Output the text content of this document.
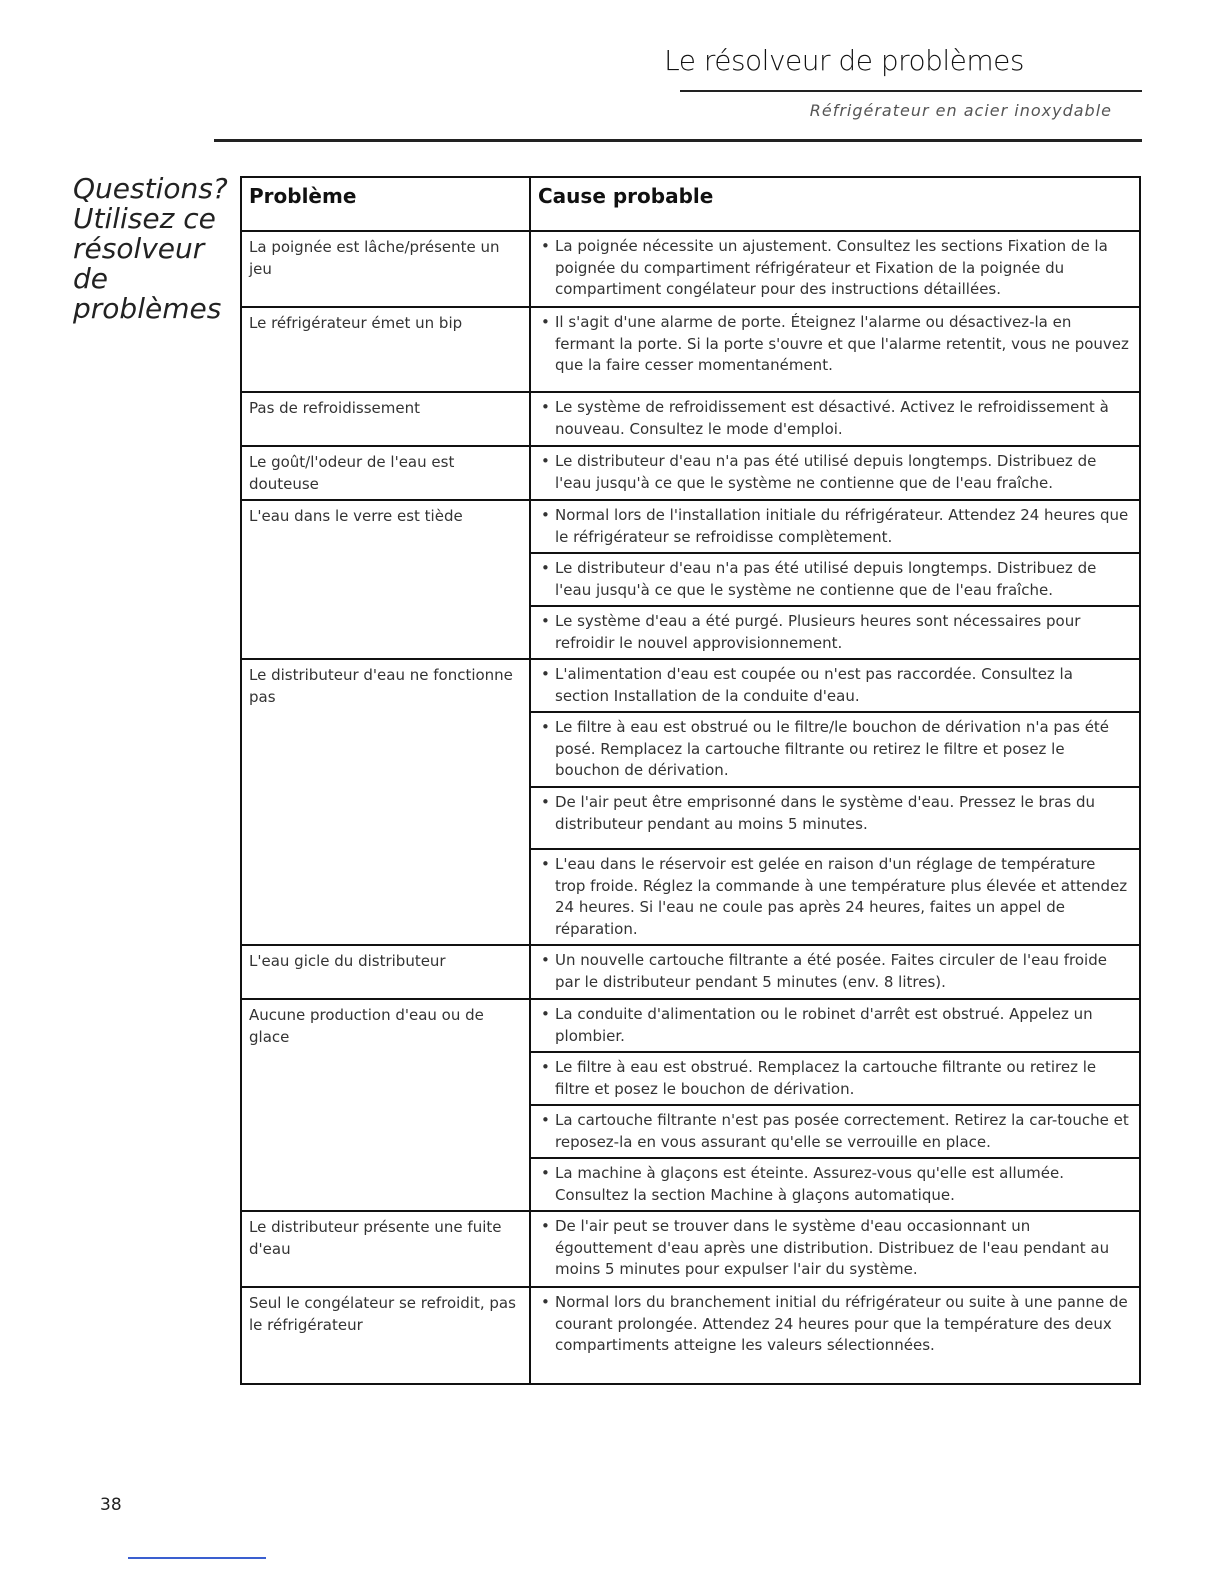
Le résolveur de problèmes
Réfrigérateur en acier inoxydable
Questions?
Utilisez ce
résolveur de
problèmes
Problème	Cause probable
La poignée est lâche/présente un jeu	• La poignée nécessite un ajustement. Consultez les sections Fixation de la poignée du compartiment réfrigérateur et Fixation de la poignée du compartiment congélateur pour des instructions détaillées.
Le réfrigérateur émet un bip	• Il s'agit d'une alarme de porte. Éteignez l'alarme ou désactivez-la en fermant la porte. Si la porte s'ouvre et que l'alarme retentit, vous ne pouvez que la faire cesser momentanément.
Pas de refroidissement	• Le système de refroidissement est désactivé. Activez le refroidissement à nouveau. Consultez le mode d'emploi.
Le goût/l'odeur de l'eau est douteuse	• Le distributeur d'eau n'a pas été utilisé depuis longtemps. Distribuez de l'eau jusqu'à ce que le système ne contienne que de l'eau fraîche.
L'eau dans le verre est tiède	• Normal lors de l'installation initiale du réfrigérateur. Attendez 24 heures que le réfrigérateur se refroidisse complètement.
	• Le distributeur d'eau n'a pas été utilisé depuis longtemps. Distribuez de l'eau jusqu'à ce que le système ne contienne que de l'eau fraîche.
	• Le système d'eau a été purgé. Plusieurs heures sont nécessaires pour refroidir le nouvel approvisionnement.
Le distributeur d'eau ne fonctionne pas	• L'alimentation d'eau est coupée ou n'est pas raccordée. Consultez la section Installation de la conduite d'eau.
	• Le filtre à eau est obstrué ou le filtre/le bouchon de dérivation n'a pas été posé. Remplacez la cartouche filtrante ou retirez le filtre et posez le bouchon de dérivation.
	• De l'air peut être emprisonné dans le système d'eau. Pressez le bras du distributeur pendant au moins 5 minutes.
	• L'eau dans le réservoir est gelée en raison d'un réglage de température trop froide. Réglez la commande à une température plus élevée et attendez 24 heures. Si l'eau ne coule pas après 24 heures, faites un appel de réparation.
L'eau gicle du distributeur	• Un nouvelle cartouche filtrante a été posée. Faites circuler de l'eau froide par le distributeur pendant 5 minutes (env. 8 litres).
Aucune production d'eau ou de glace	• La conduite d'alimentation ou le robinet d'arrêt est obstrué. Appelez un plombier.
	• Le filtre à eau est obstrué. Remplacez la cartouche filtrante ou retirez le filtre et posez le bouchon de dérivation.
	• La cartouche filtrante n'est pas posée correctement. Retirez la car-touche et reposez-la en vous assurant qu'elle se verrouille en place.
	• La machine à glaçons est éteinte. Assurez-vous qu'elle est allumée. Consultez la section Machine à glaçons automatique.
Le distributeur présente une fuite d'eau	• De l'air peut se trouver dans le système d'eau occasionnant un égouttement d'eau après une distribution. Distribuez de l'eau pendant au moins 5 minutes pour expulser l'air du système.
Seul le congélateur se refroidit, pas le réfrigérateur	• Normal lors du branchement initial du réfrigérateur ou suite à une panne de courant prolongée. Attendez 24 heures pour que la température des deux compartiments atteigne les valeurs sélectionnées.
38
